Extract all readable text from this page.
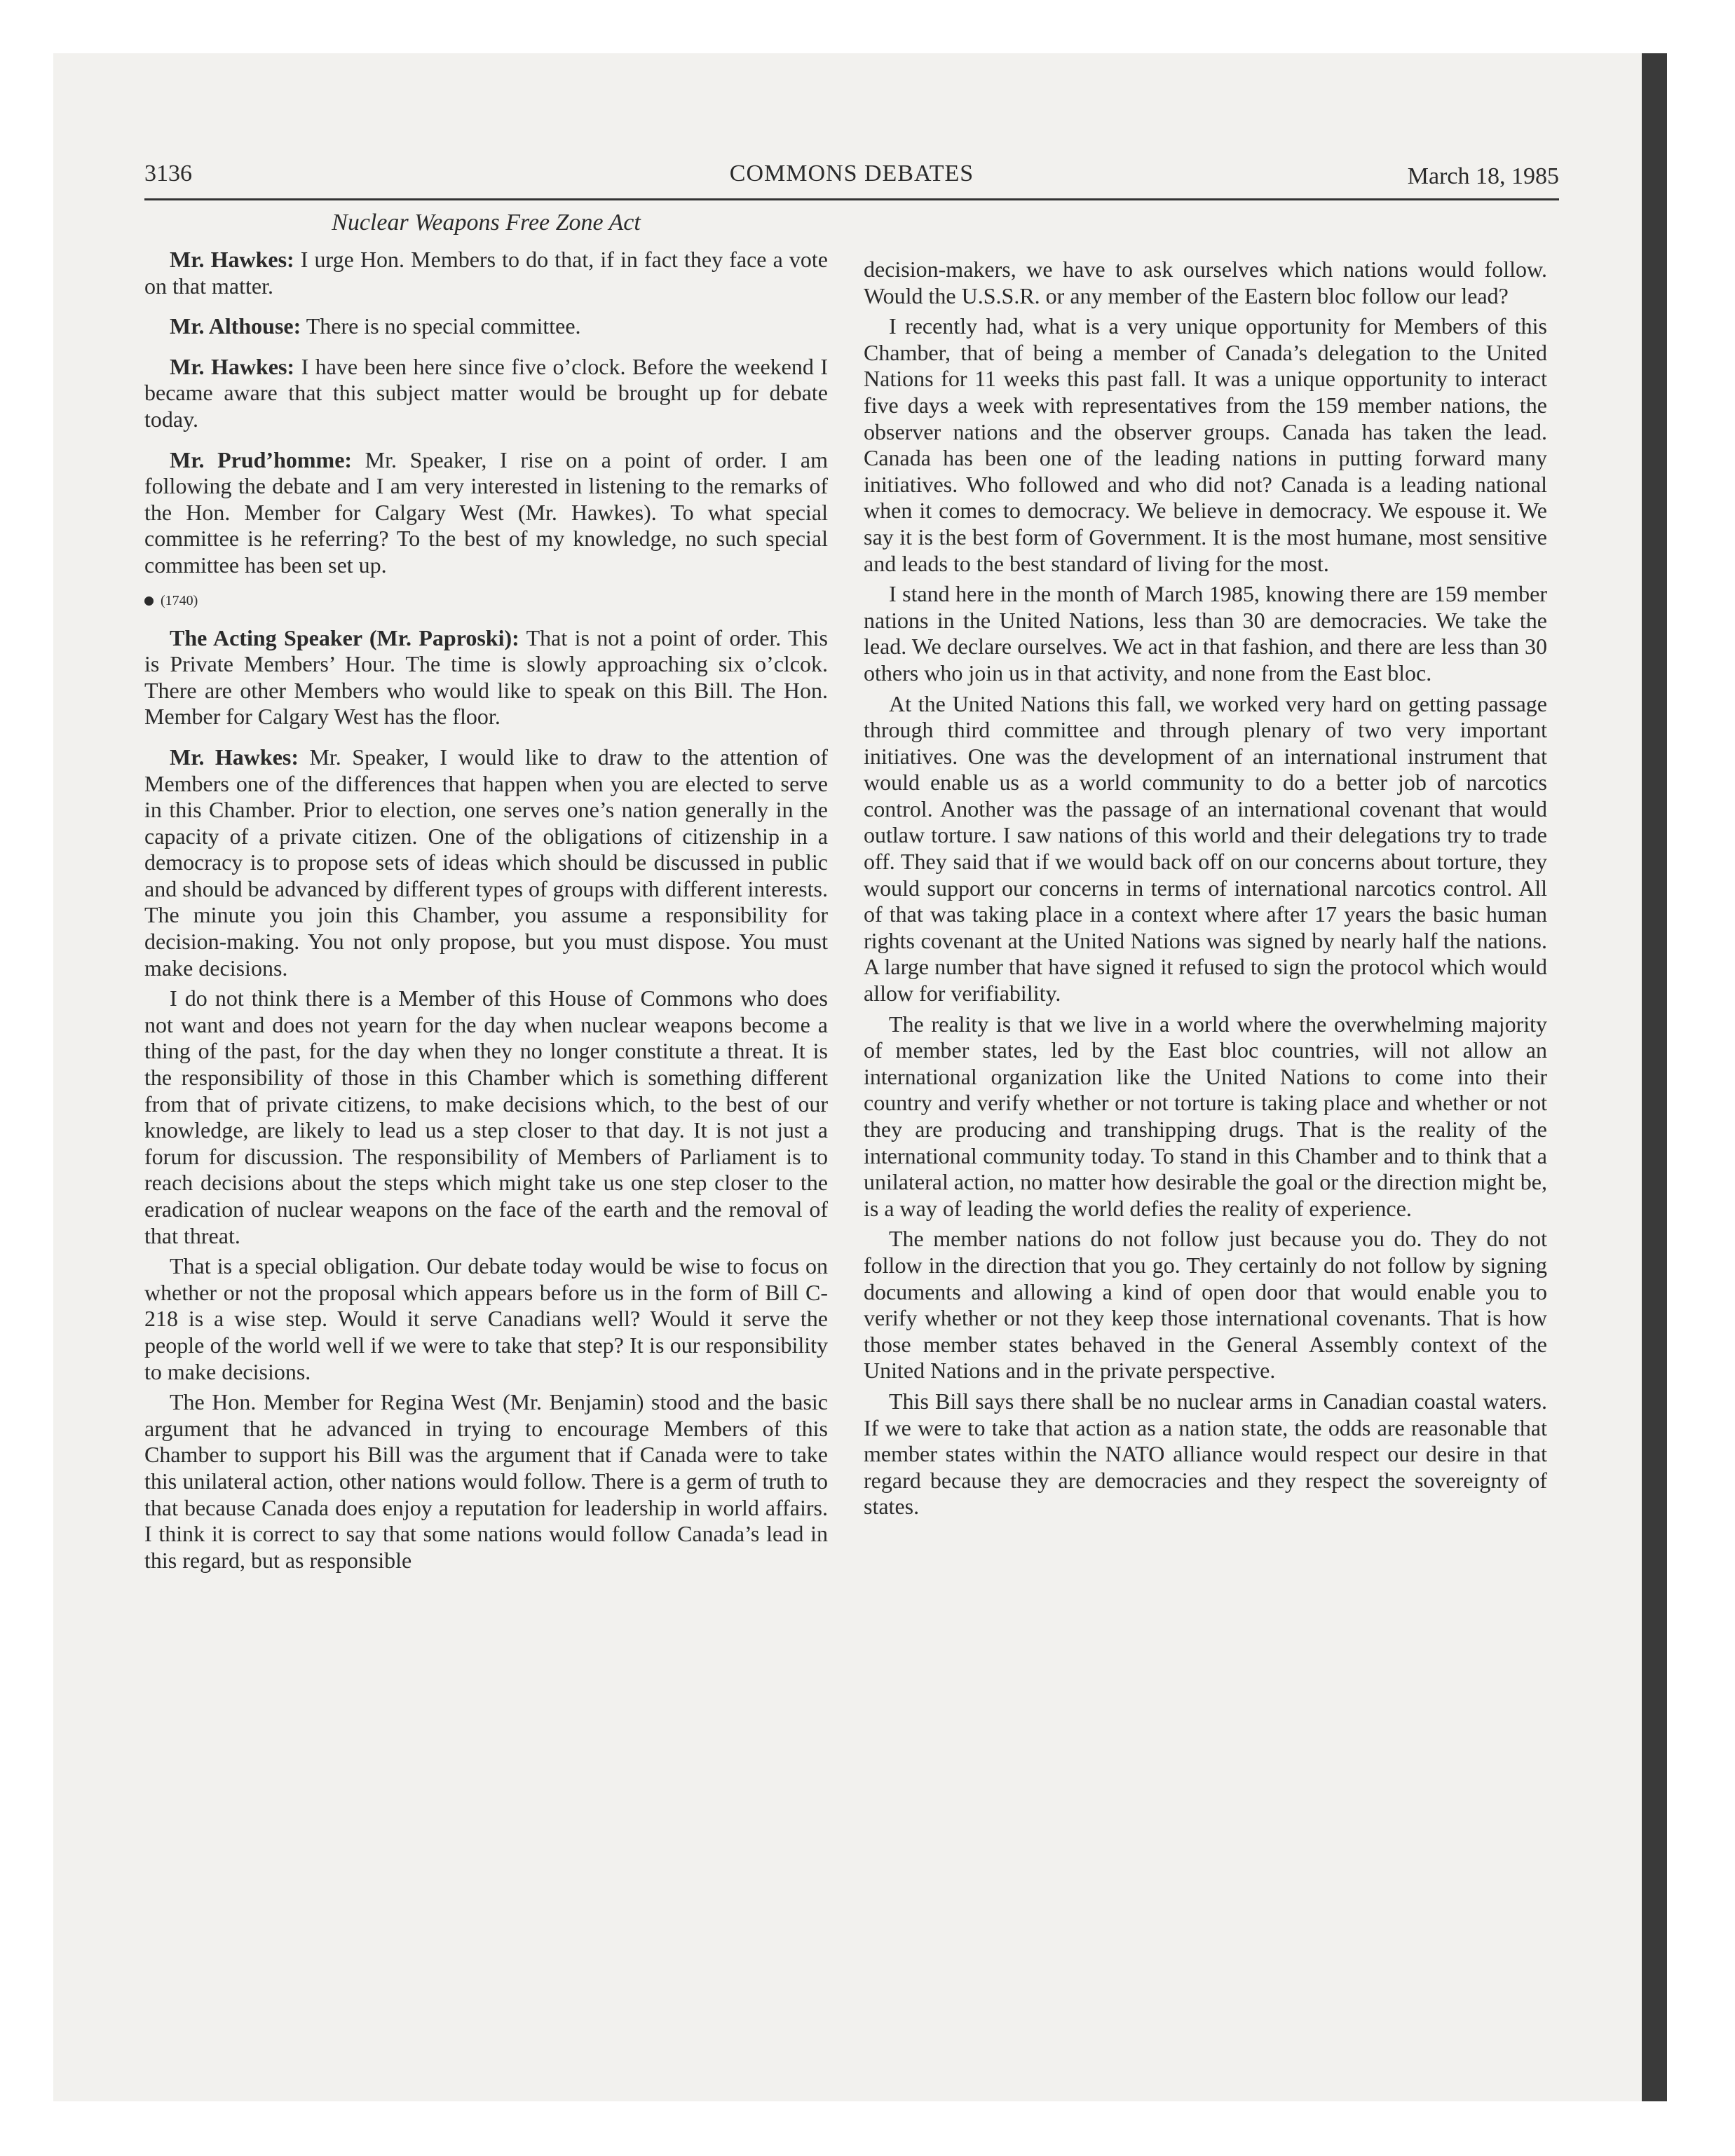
3136	COMMONS DEBATES	March 18, 1985
Nuclear Weapons Free Zone Act

Mr. Hawkes: I urge Hon. Members to do that, if in fact they face a vote on that matter.

Mr. Althouse: There is no special committee.

Mr. Hawkes: I have been here since five o’clock. Before the weekend I became aware that this subject matter would be brought up for debate today.

Mr. Prud’homme: Mr. Speaker, I rise on a point of order. I am following the debate and I am very interested in listening to the remarks of the Hon. Member for Calgary West (Mr. Hawkes). To what special committee is he referring? To the best of my knowledge, no such special committee has been set up.

(1740)

The Acting Speaker (Mr. Paproski): That is not a point of order. This is Private Members’ Hour. The time is slowly approaching six o’clcok. There are other Members who would like to speak on this Bill. The Hon. Member for Calgary West has the floor.

Mr. Hawkes: Mr. Speaker, I would like to draw to the attention of Members one of the differences that happen when you are elected to serve in this Chamber. Prior to election, one serves one’s nation generally in the capacity of a private citizen. One of the obligations of citizenship in a democracy is to propose sets of ideas which should be discussed in public and should be advanced by different types of groups with different interests. The minute you join this Chamber, you assume a responsibility for decision-making. You not only propose, but you must dispose. You must make decisions.

I do not think there is a Member of this House of Commons who does not want and does not yearn for the day when nuclear weapons become a thing of the past, for the day when they no longer constitute a threat. It is the responsibility of those in this Chamber which is something different from that of private citizens, to make decisions which, to the best of our knowledge, are likely to lead us a step closer to that day. It is not just a forum for discussion. The responsibility of Members of Parliament is to reach decisions about the steps which might take us one step closer to the eradication of nuclear weapons on the face of the earth and the removal of that threat.

That is a special obligation. Our debate today would be wise to focus on whether or not the proposal which appears before us in the form of Bill C-218 is a wise step. Would it serve Canadians well? Would it serve the people of the world well if we were to take that step? It is our responsibility to make decisions.

The Hon. Member for Regina West (Mr. Benjamin) stood and the basic argument that he advanced in trying to encourage Members of this Chamber to support his Bill was the argument that if Canada were to take this unilateral action, other nations would follow. There is a germ of truth to that because Canada does enjoy a reputation for leadership in world affairs. I think it is correct to say that some nations would follow Canada’s lead in this regard, but as responsible

decision-makers, we have to ask ourselves which nations would follow. Would the U.S.S.R. or any member of the Eastern bloc follow our lead?

I recently had, what is a very unique opportunity for Members of this Chamber, that of being a member of Canada’s delegation to the United Nations for 11 weeks this past fall. It was a unique opportunity to interact five days a week with representatives from the 159 member nations, the observer nations and the observer groups. Canada has taken the lead. Canada has been one of the leading nations in putting forward many initiatives. Who followed and who did not? Canada is a leading national when it comes to democracy. We believe in democracy. We espouse it. We say it is the best form of Government. It is the most humane, most sensitive and leads to the best standard of living for the most.

I stand here in the month of March 1985, knowing there are 159 member nations in the United Nations, less than 30 are democracies. We take the lead. We declare ourselves. We act in that fashion, and there are less than 30 others who join us in that activity, and none from the East bloc.

At the United Nations this fall, we worked very hard on getting passage through third committee and through plenary of two very important initiatives. One was the development of an international instrument that would enable us as a world community to do a better job of narcotics control. Another was the passage of an international covenant that would outlaw torture. I saw nations of this world and their delegations try to trade off. They said that if we would back off on our concerns about torture, they would support our concerns in terms of international narcotics control. All of that was taking place in a context where after 17 years the basic human rights covenant at the United Nations was signed by nearly half the nations. A large number that have signed it refused to sign the protocol which would allow for verifiability.

The reality is that we live in a world where the overwhelming majority of member states, led by the East bloc countries, will not allow an international organization like the United Nations to come into their country and verify whether or not torture is taking place and whether or not they are producing and transhipping drugs. That is the reality of the international community today. To stand in this Chamber and to think that a unilateral action, no matter how desirable the goal or the direction might be, is a way of leading the world defies the reality of experience.

The member nations do not follow just because you do. They do not follow in the direction that you go. They certainly do not follow by signing documents and allowing a kind of open door that would enable you to verify whether or not they keep those international covenants. That is how those member states behaved in the General Assembly context of the United Nations and in the private perspective.

This Bill says there shall be no nuclear arms in Canadian coastal waters. If we were to take that action as a nation state, the odds are reasonable that member states within the NATO alliance would respect our desire in that regard because they are democracies and they respect the sovereignty of states.
